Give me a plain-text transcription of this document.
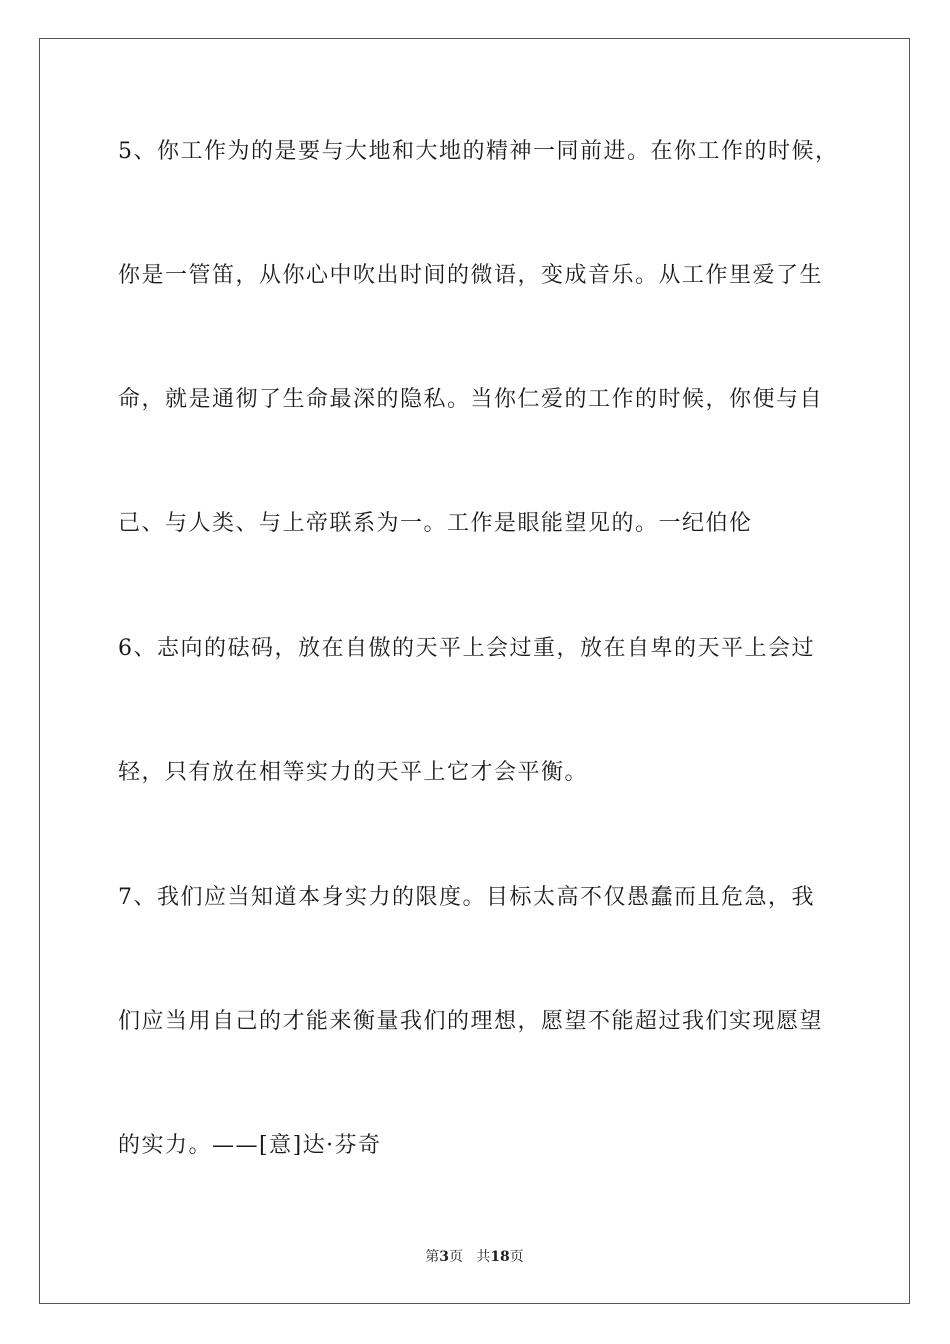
5、你工作为的是要与大地和大地的精神一同前进。在你工作的时候，
你是一管笛，从你心中吹出时间的微语，变成音乐。从工作里爱了生
命，就是通彻了生命最深的隐私。当你仁爱的工作的时候，你便与自
己、与人类、与上帝联系为一。工作是眼能望见的。一纪伯伦
6、志向的砝码，放在自傲的天平上会过重，放在自卑的天平上会过
轻，只有放在相等实力的天平上它才会平衡。
7、我们应当知道本身实力的限度。目标太高不仅愚蠢而且危急，我
们应当用自己的才能来衡量我们的理想，愿望不能超过我们实现愿望
的实力。——[意]达·芬奇
第3页 共18页
